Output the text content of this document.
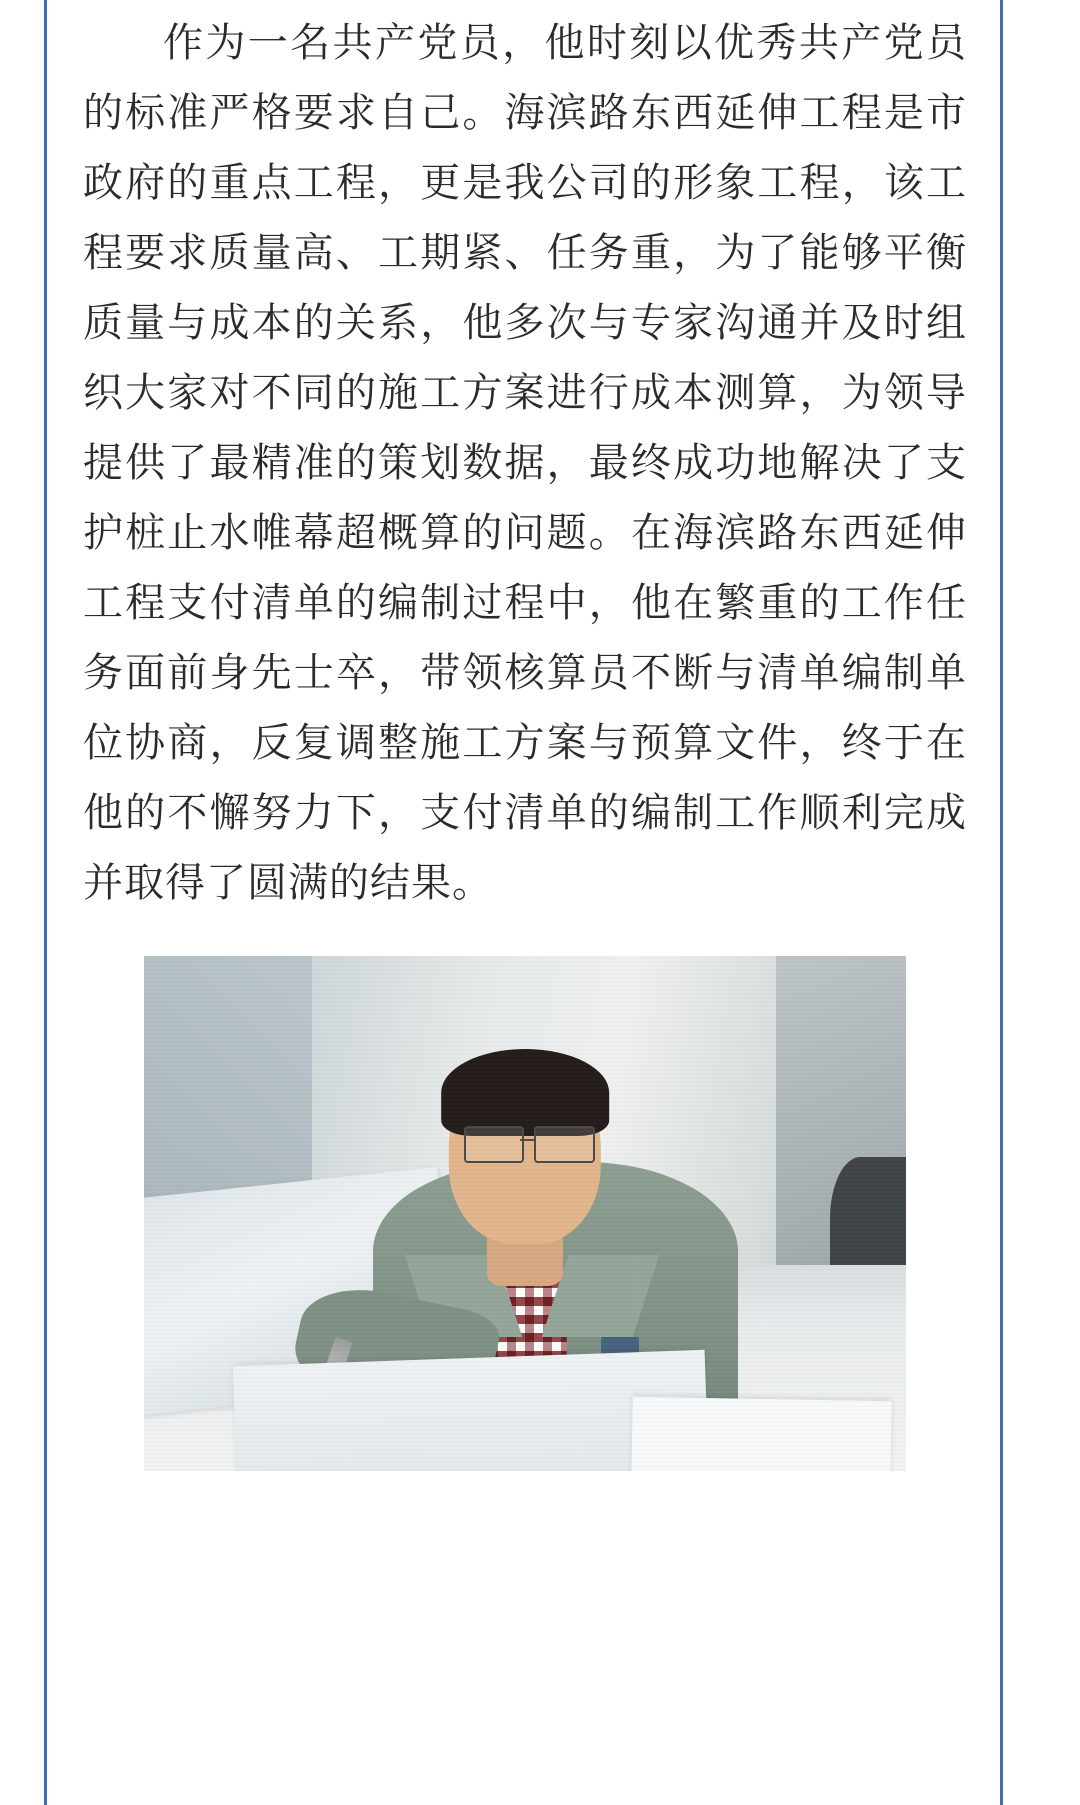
作为一名共产党员，他时刻以优秀共产党员的标准严格要求自己。海滨路东西延伸工程是市政府的重点工程，更是我公司的形象工程，该工程要求质量高、工期紧、任务重，为了能够平衡质量与成本的关系，他多次与专家沟通并及时组织大家对不同的施工方案进行成本测算，为领导提供了最精准的策划数据，最终成功地解决了支护桩止水帷幕超概算的问题。在海滨路东西延伸工程支付清单的编制过程中，他在繁重的工作任务面前身先士卒，带领核算员不断与清单编制单位协商，反复调整施工方案与预算文件，终于在他的不懈努力下，支付清单的编制工作顺利完成并取得了圆满的结果。
